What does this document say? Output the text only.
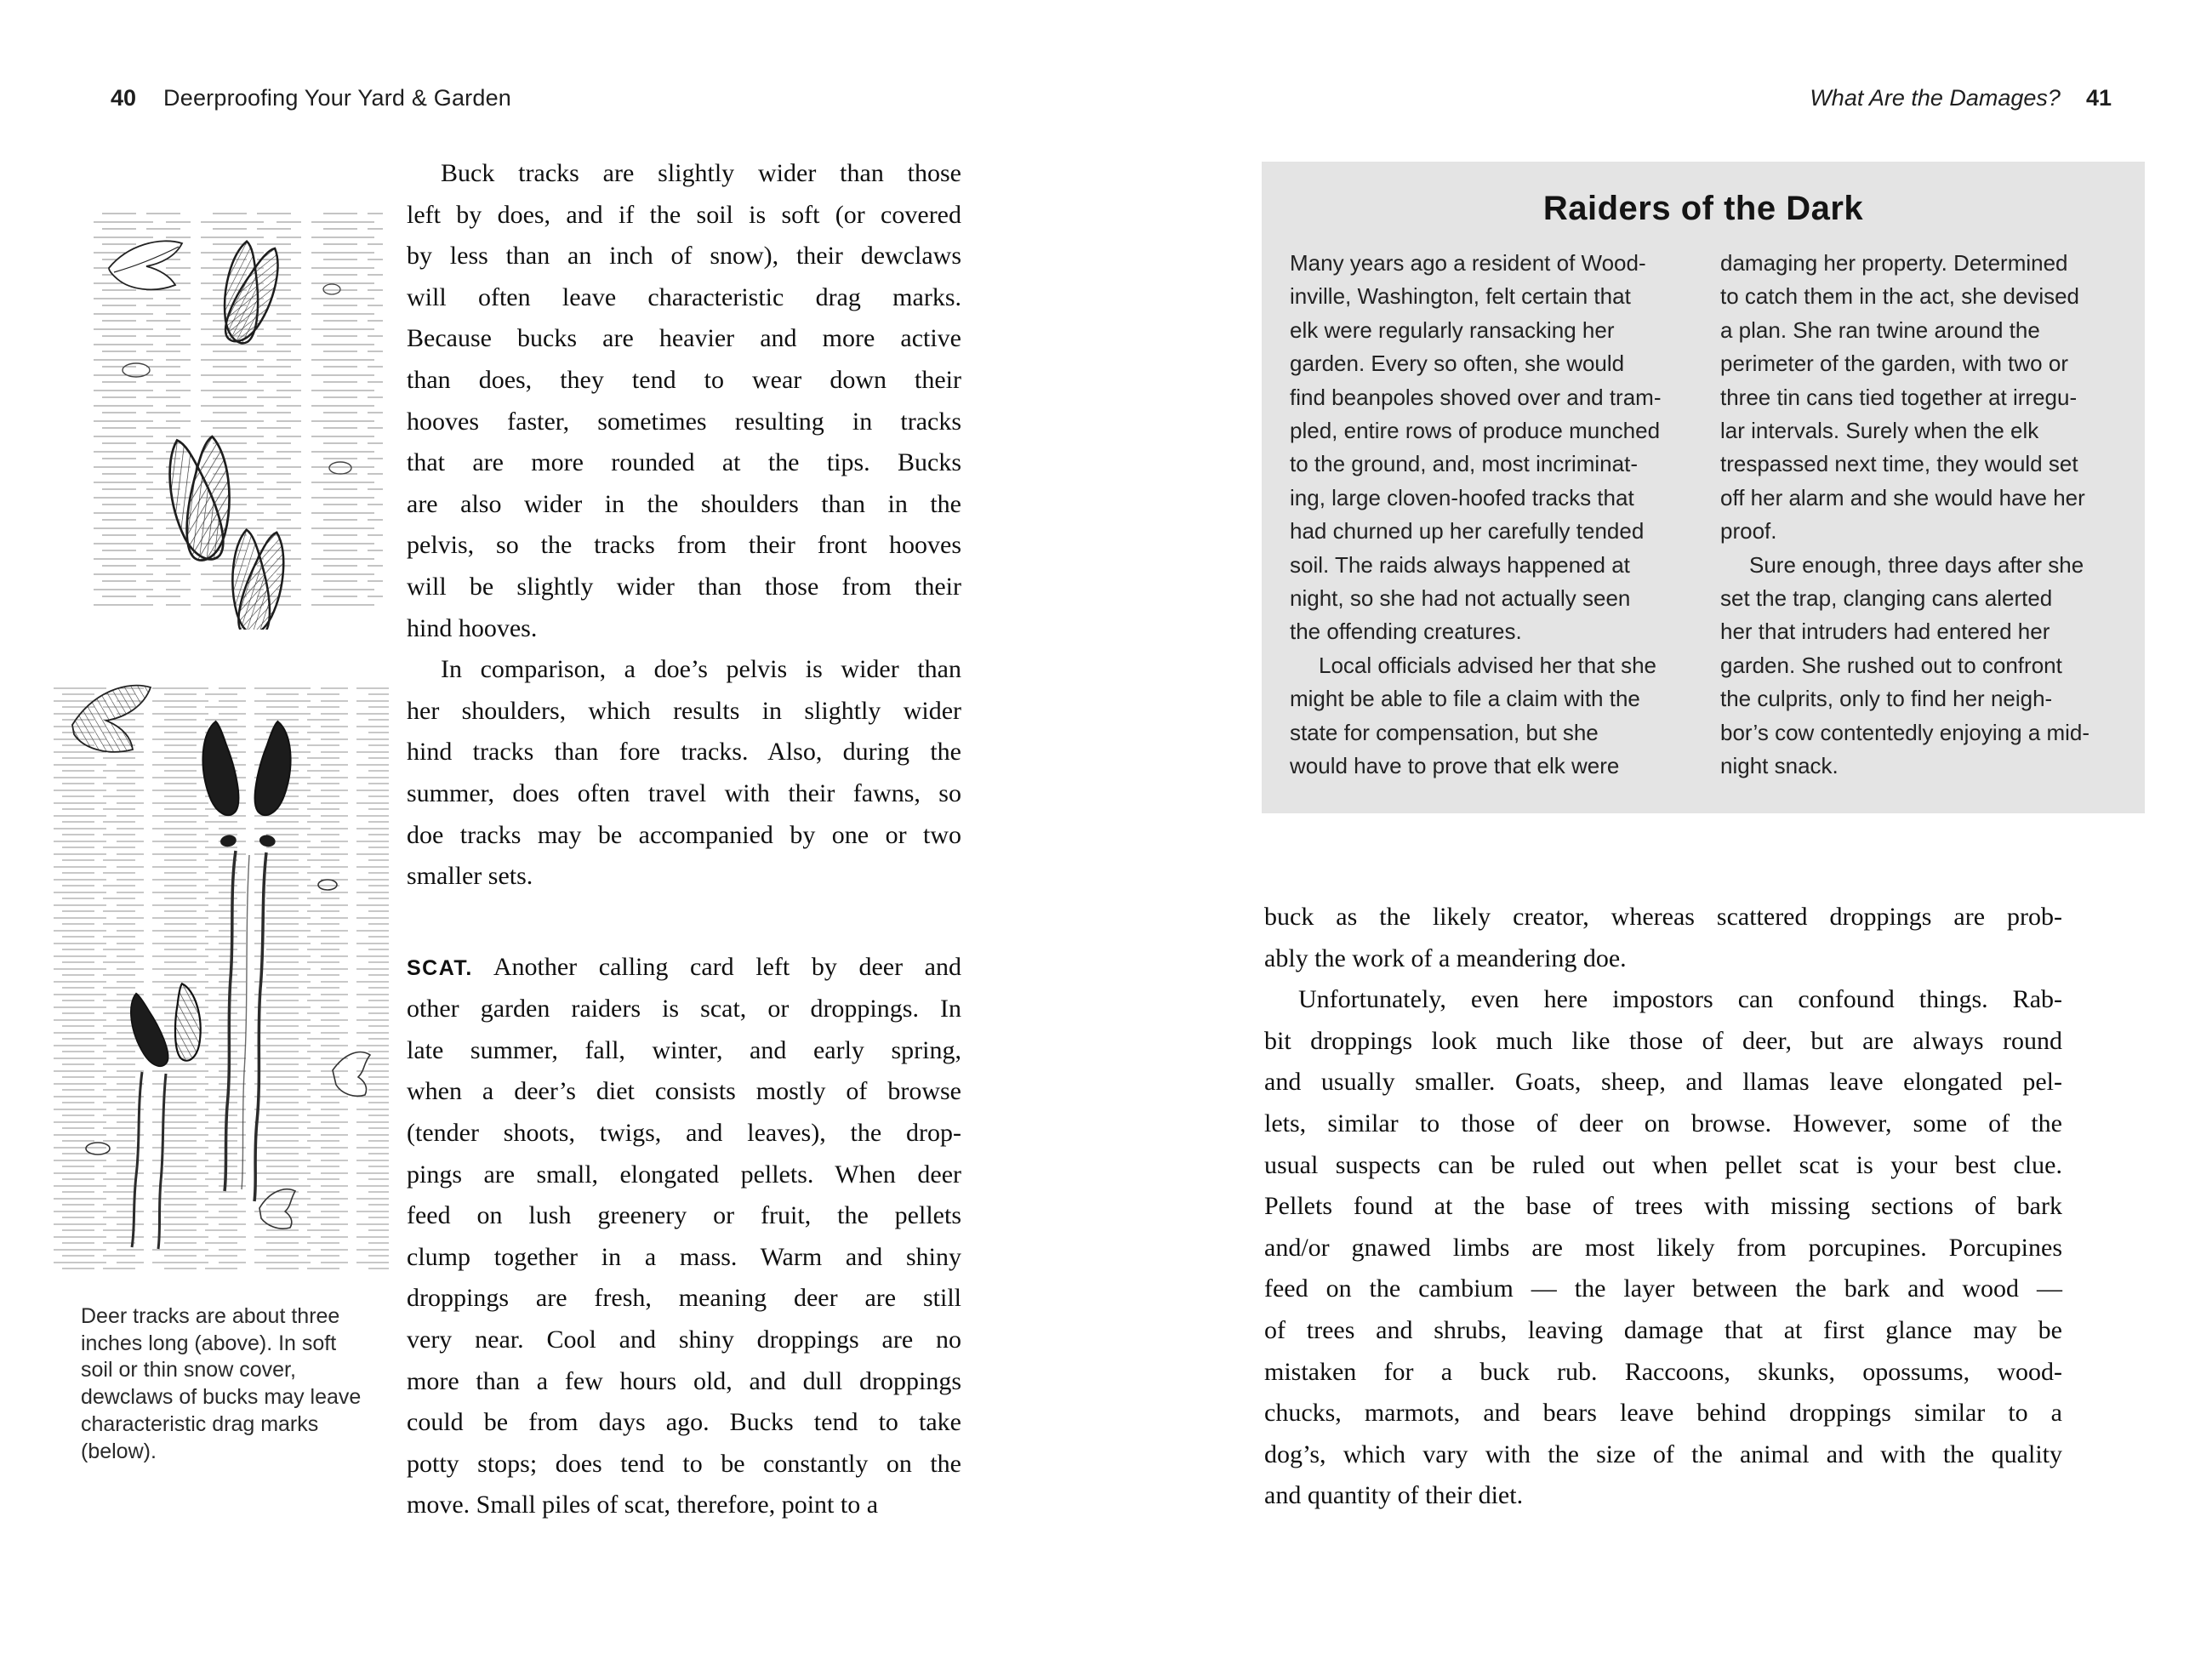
40 Deerproofing Your Yard & Garden	What Are the Damages? 41
Buck tracks are slightly wider than those
left by does, and if the soil is soft (or covered
by less than an inch of snow), their dewclaws
will often leave characteristic drag marks.
Because bucks are heavier and more active
than does, they tend to wear down their
hooves faster, sometimes resulting in tracks
that are more rounded at the tips. Bucks
are also wider in the shoulders than in the
pelvis, so the tracks from their front hooves
will be slightly wider than those from their
hind hooves.
In comparison, a doe’s pelvis is wider than
her shoulders, which results in slightly wider
hind tracks than fore tracks. Also, during the
summer, does often travel with their fawns, so
doe tracks may be accompanied by one or two
smaller sets.
SCAT. Another calling card left by deer and
other garden raiders is scat, or droppings. In
late summer, fall, winter, and early spring,
when a deer’s diet consists mostly of browse
(tender shoots, twigs, and leaves), the drop-
pings are small, elongated pellets. When deer
feed on lush greenery or fruit, the pellets
clump together in a mass. Warm and shiny
droppings are fresh, meaning deer are still
very near. Cool and shiny droppings are no
more than a few hours old, and dull droppings
could be from days ago. Bucks tend to take
potty stops; does tend to be constantly on the
move. Small piles of scat, therefore, point to a
Deer tracks are about three
inches long (above). In soft
soil or thin snow cover,
dewclaws of bucks may leave
characteristic drag marks
(below).
Raiders of the Dark
Many years ago a resident of Wood-
inville, Washington, felt certain that
elk were regularly ransacking her
garden. Every so often, she would
find beanpoles shoved over and tram-
pled, entire rows of produce munched
to the ground, and, most incriminat-
ing, large cloven-hoofed tracks that
had churned up her carefully tended
soil. The raids always happened at
night, so she had not actually seen
the offending creatures.
Local officials advised her that she
might be able to file a claim with the
state for compensation, but she
would have to prove that elk were
damaging her property. Determined
to catch them in the act, she devised
a plan. She ran twine around the
perimeter of the garden, with two or
three tin cans tied together at irregu-
lar intervals. Surely when the elk
trespassed next time, they would set
off her alarm and she would have her
proof.
Sure enough, three days after she
set the trap, clanging cans alerted
her that intruders had entered her
garden. She rushed out to confront
the culprits, only to find her neigh-
bor’s cow contentedly enjoying a mid-
night snack.
buck as the likely creator, whereas scattered droppings are prob-
ably the work of a meandering doe.
Unfortunately, even here impostors can confound things. Rab-
bit droppings look much like those of deer, but are always round
and usually smaller. Goats, sheep, and llamas leave elongated pel-
lets, similar to those of deer on browse. However, some of the
usual suspects can be ruled out when pellet scat is your best clue.
Pellets found at the base of trees with missing sections of bark
and/or gnawed limbs are most likely from porcupines. Porcupines
feed on the cambium — the layer between the bark and wood —
of trees and shrubs, leaving damage that at first glance may be
mistaken for a buck rub. Raccoons, skunks, opossums, wood-
chucks, marmots, and bears leave behind droppings similar to a
dog’s, which vary with the size of the animal and with the quality
and quantity of their diet.
